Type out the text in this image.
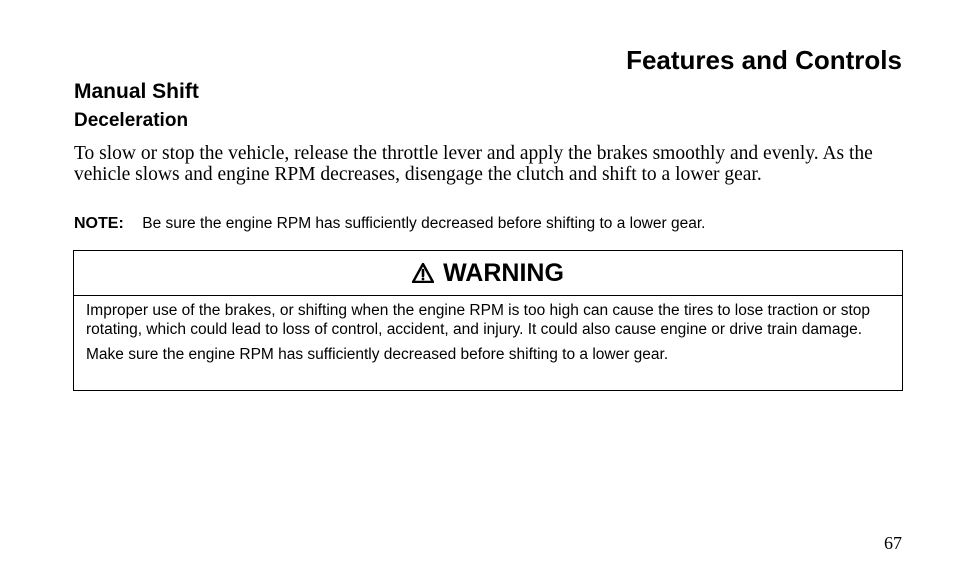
Features and Controls
Manual Shift
Deceleration

To slow or stop the vehicle, release the throttle lever and apply the brakes smoothly and evenly. As the vehicle slows and engine RPM decreases, disengage the clutch and shift to a lower gear.

NOTE: Be sure the engine RPM has sufficiently decreased before shifting to a lower gear.
WARNING

Improper use of the brakes, or shifting when the engine RPM is too high can cause the tires to lose traction or stop rotating, which could lead to loss of control, accident, and injury. It could also cause engine or drive train damage.

Make sure the engine RPM has sufficiently decreased before shifting to a lower gear.

67
